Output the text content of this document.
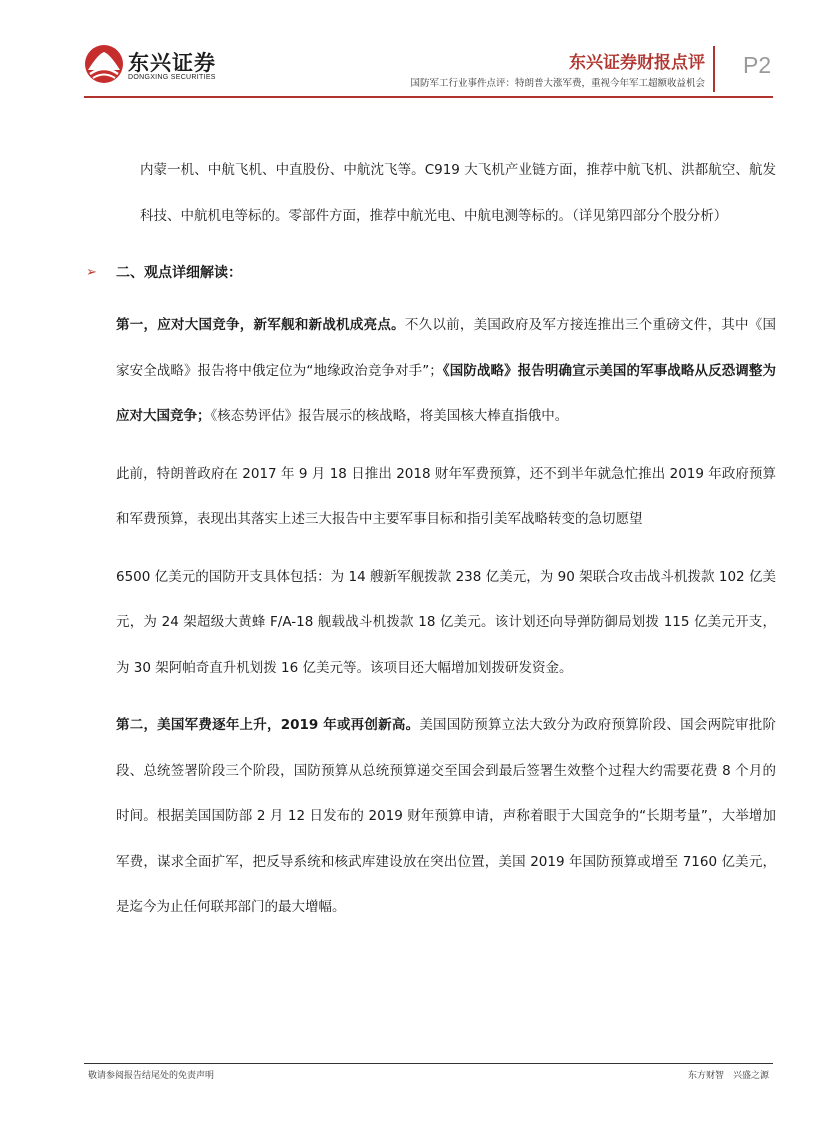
东兴证券
DONGXING SECURITIES
东兴证券财报点评
国防军工行业事件点评：特朗普大涨军费，重视今年军工超额收益机会
P2

内蒙一机、中航飞机、中直股份、中航沈飞等。C919 大飞机产业链方面，推荐中航飞机、洪都航空、航发科技、中航机电等标的。零部件方面，推荐中航光电、中航电测等标的。（详见第四部分个股分析）

➢ 二、观点详细解读：

第一，应对大国竞争，新军舰和新战机成亮点。不久以前，美国政府及军方接连推出三个重磅文件，其中《国家安全战略》报告将中俄定位为“地缘政治竞争对手”；《国防战略》报告明确宣示美国的军事战略从反恐调整为应对大国竞争；《核态势评估》报告展示的核战略，将美国核大棒直指俄中。

此前，特朗普政府在 2017 年 9 月 18 日推出 2018 财年军费预算，还不到半年就急忙推出 2019 年政府预算和军费预算，表现出其落实上述三大报告中主要军事目标和指引美军战略转变的急切愿望

6500 亿美元的国防开支具体包括：为 14 艘新军舰拨款 238 亿美元，为 90 架联合攻击战斗机拨款 102 亿美元，为 24 架超级大黄蜂 F/A-18 舰载战斗机拨款 18 亿美元。该计划还向导弹防御局划拨 115 亿美元开支，为 30 架阿帕奇直升机划拨 16 亿美元等。该项目还大幅增加划拨研发资金。

第二，美国军费逐年上升，2019 年或再创新高。美国国防预算立法大致分为政府预算阶段、国会两院审批阶段、总统签署阶段三个阶段，国防预算从总统预算递交至国会到最后签署生效整个过程大约需要花费 8 个月的时间。根据美国国防部 2 月 12 日发布的 2019 财年预算申请，声称着眼于大国竞争的“长期考量”，大举增加军费，谋求全面扩军，把反导系统和核武库建设放在突出位置，美国 2019 年国防预算或增至 7160 亿美元，是迄今为止任何联邦部门的最大增幅。

敬请参阅报告结尾处的免责声明	东方财智　兴盛之源
